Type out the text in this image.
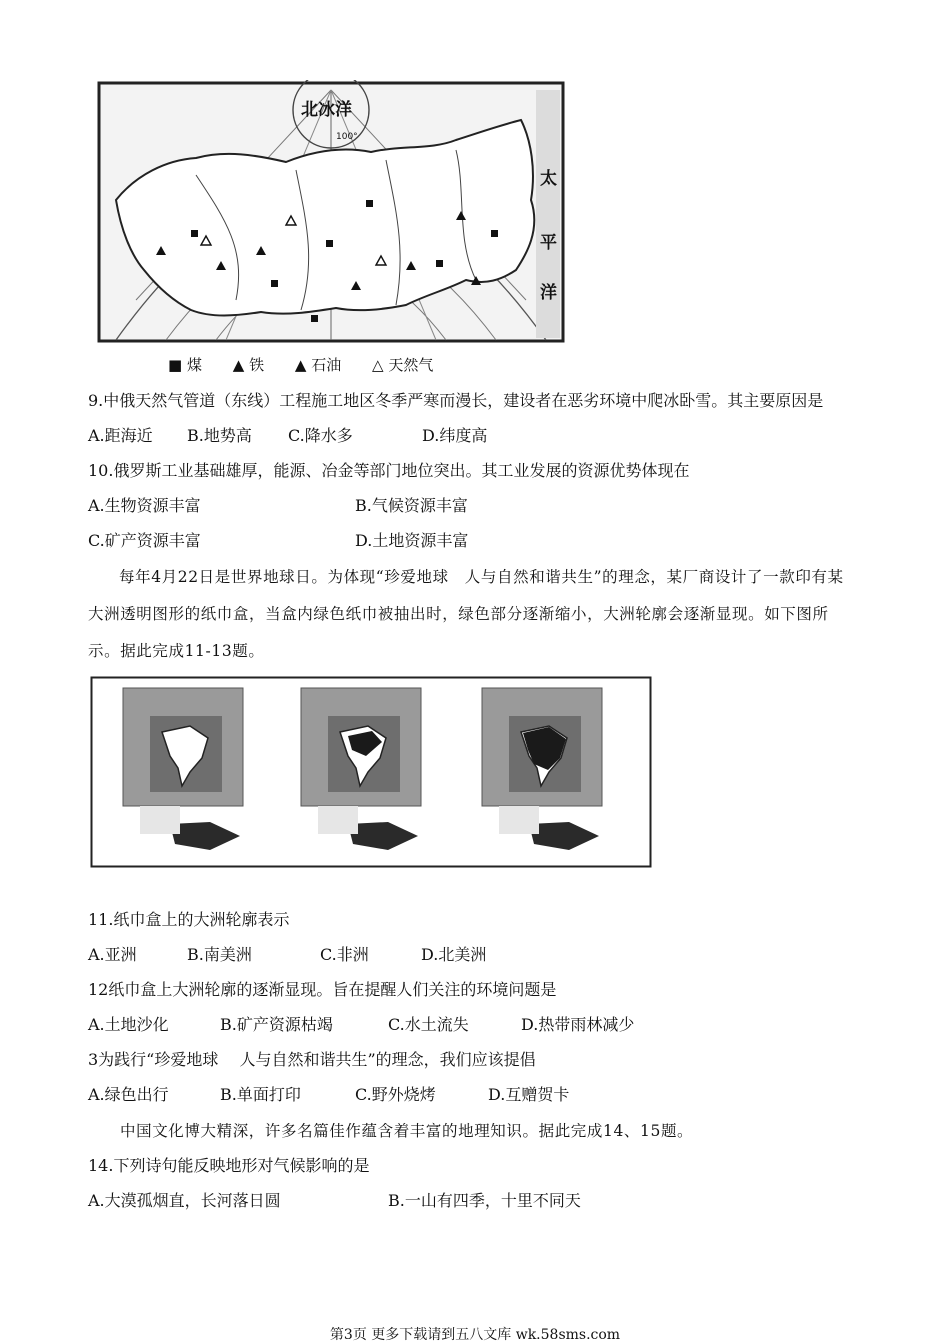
北冰洋
100°
太
平
洋
■ 煤 ▲ 铁 ▲ 石油 △ 天然气
9.中俄天然气管道（东线）工程施工地区冬季严寒而漫长，建设者在恶劣环境中爬冰卧雪。其主要原因是
A.距海近 B.地势高 C.降水多	D.纬度高
10.俄罗斯工业基础雄厚，能源、冶金等部门地位突出。其工业发展的资源优势体现在
A.生物资源丰富	B.气候资源丰富
C.矿产资源丰富	D.土地资源丰富
每年4月22日是世界地球日。为体现“珍爱地球　人与自然和谐共生”的理念，某厂商设计了一款印有某大洲透明图形的纸巾盒，当盒内绿色纸巾被抽出时，绿色部分逐渐缩小，大洲轮廓会逐渐显现。如下图所示。据此完成11-13题。
11.纸巾盒上的大洲轮廓表示
A.亚洲	B.南美洲	C.非洲	D.北美洲
12纸巾盒上大洲轮廓的逐渐显现。旨在提醒人们关注的环境问题是
A.土地沙化	B.矿产资源枯竭	C.水土流失	D.热带雨林减少
3为践行“珍爱地球　 人与自然和谐共生”的理念，我们应该提倡
A.绿色出行	B.单面打印	C.野外烧烤	D.互赠贺卡
中国文化博大精深，许多名篇佳作蕴含着丰富的地理知识。据此完成14、15题。
14.下列诗句能反映地形对气候影响的是
A.大漠孤烟直，长河落日圆	B.一山有四季，十里不同天
第3页 更多下载请到五八文库 wk.58sms.com
